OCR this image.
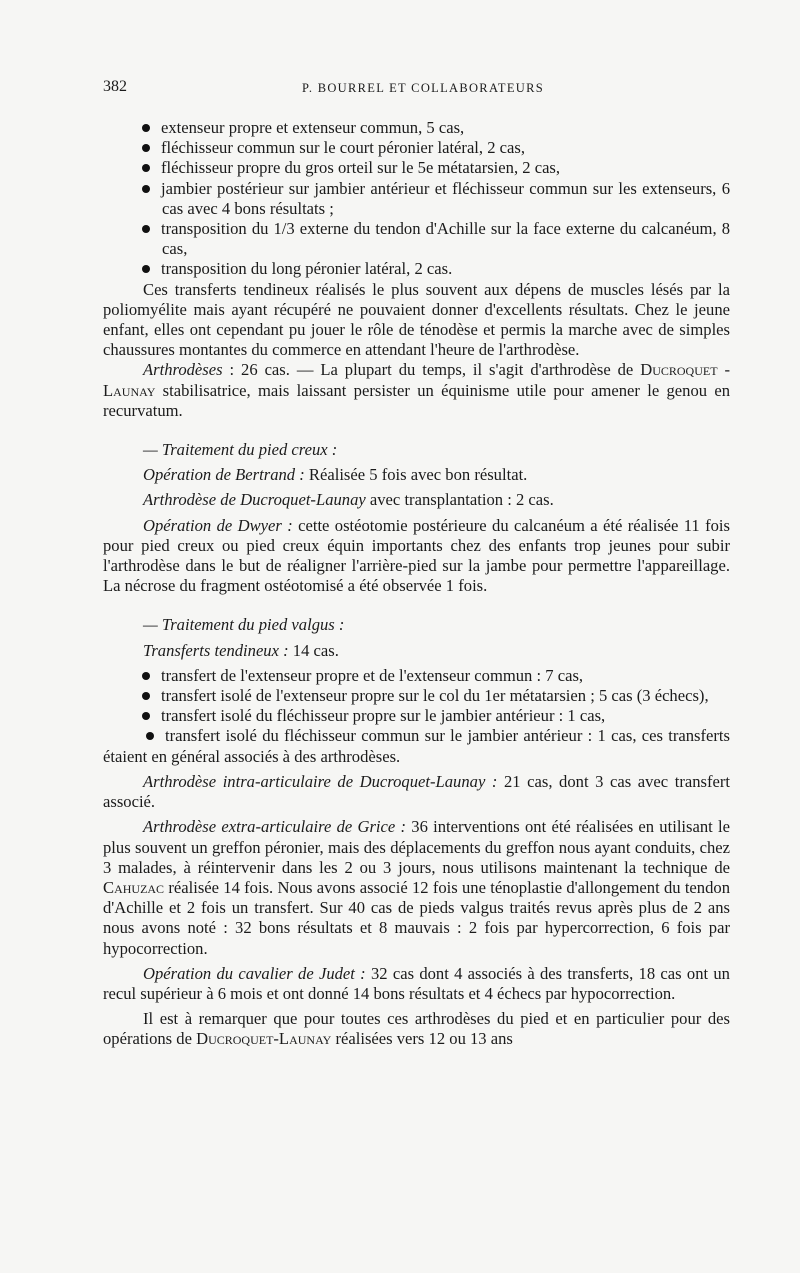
382	P. BOURREL ET COLLABORATEURS

extenseur propre et extenseur commun, 5 cas,

fléchisseur commun sur le court péronier latéral, 2 cas,

fléchisseur propre du gros orteil sur le 5e métatarsien, 2 cas,

jambier postérieur sur jambier antérieur et fléchisseur commun sur les extenseurs, 6 cas avec 4 bons résultats ;

transposition du 1/3 externe du tendon d'Achille sur la face externe du calcanéum, 8 cas,

transposition du long péronier latéral, 2 cas.

Ces transferts tendineux réalisés le plus souvent aux dépens de muscles lésés par la poliomyélite mais ayant récupéré ne pouvaient donner d'excellents résultats. Chez le jeune enfant, elles ont cependant pu jouer le rôle de ténodèse et permis la marche avec de simples chaussures montantes du commerce en attendant l'heure de l'arthrodèse.

Arthrodèses : 26 cas. — La plupart du temps, il s'agit d'arthrodèse de Ducroquet - Launay stabilisatrice, mais laissant persister un équinisme utile pour amener le genou en recurvatum.

— Traitement du pied creux :

Opération de Bertrand : Réalisée 5 fois avec bon résultat.

Arthrodèse de Ducroquet-Launay avec transplantation : 2 cas.

Opération de Dwyer : cette ostéotomie postérieure du calcanéum a été réalisée 11 fois pour pied creux ou pied creux équin importants chez des enfants trop jeunes pour subir l'arthrodèse dans le but de réaligner l'arrière-pied sur la jambe pour permettre l'appareillage. La nécrose du fragment ostéotomisé a été observée 1 fois.

— Traitement du pied valgus :

Transferts tendineux : 14 cas.

transfert de l'extenseur propre et de l'extenseur commun : 7 cas,

transfert isolé de l'extenseur propre sur le col du 1er métatarsien ; 5 cas (3 échecs),

transfert isolé du fléchisseur propre sur le jambier antérieur : 1 cas,

transfert isolé du fléchisseur commun sur le jambier antérieur : 1 cas, ces transferts étaient en général associés à des arthrodèses.

Arthrodèse intra-articulaire de Ducroquet-Launay : 21 cas, dont 3 cas avec transfert associé.

Arthrodèse extra-articulaire de Grice : 36 interventions ont été réalisées en utilisant le plus souvent un greffon péronier, mais des déplacements du greffon nous ayant conduits, chez 3 malades, à réintervenir dans les 2 ou 3 jours, nous utilisons maintenant la technique de Cahuzac réalisée 14 fois. Nous avons associé 12 fois une ténoplastie d'allongement du tendon d'Achille et 2 fois un transfert. Sur 40 cas de pieds valgus traités revus après plus de 2 ans nous avons noté : 32 bons résultats et 8 mauvais : 2 fois par hypercorrection, 6 fois par hypocorrection.

Opération du cavalier de Judet : 32 cas dont 4 associés à des transferts, 18 cas ont un recul supérieur à 6 mois et ont donné 14 bons résultats et 4 échecs par hypocorrection.

Il est à remarquer que pour toutes ces arthrodèses du pied et en particulier pour des opérations de Ducroquet-Launay réalisées vers 12 ou 13 ans
